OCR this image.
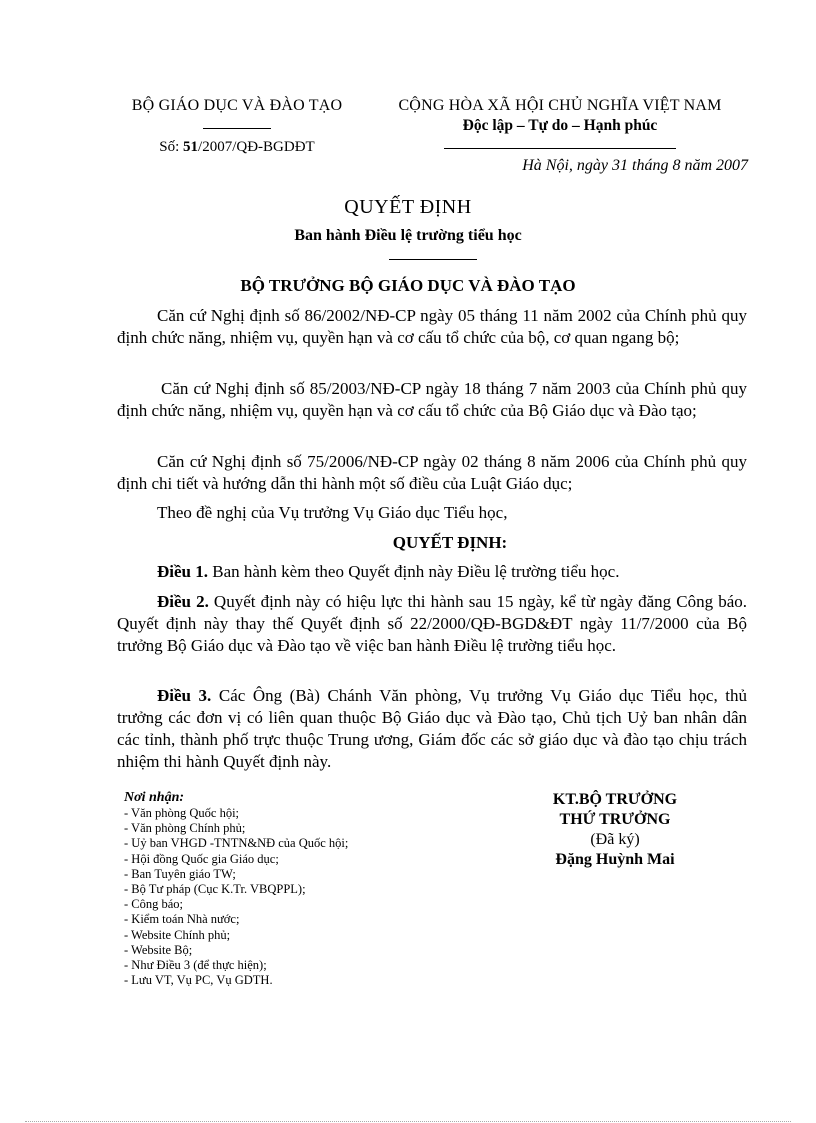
BỘ GIÁO DỤC VÀ ĐÀO TẠO
Số: 51/2007/QĐ-BGDĐT
CỘNG HÒA XÃ HỘI CHỦ NGHĨA VIỆT NAM
Độc lập – Tự do – Hạnh phúc
Hà Nội, ngày 31 tháng 8 năm 2007
QUYẾT ĐỊNH
Ban hành Điều lệ trường tiểu học
BỘ TRƯỞNG BỘ GIÁO DỤC VÀ ĐÀO TẠO
Căn cứ Nghị định số 86/2002/NĐ-CP ngày 05 tháng 11 năm 2002 của Chính phủ quy định chức năng, nhiệm vụ, quyền hạn và cơ cấu tổ chức của bộ, cơ quan ngang bộ;
Căn cứ Nghị định số 85/2003/NĐ-CP ngày 18 tháng 7 năm 2003 của Chính phủ quy định chức năng, nhiệm vụ, quyền hạn và cơ cấu tổ chức của Bộ Giáo dục và Đào tạo;
Căn cứ Nghị định số 75/2006/NĐ-CP ngày 02 tháng 8 năm 2006 của Chính phủ quy định chi tiết và hướng dẫn thi hành một số điều của Luật Giáo dục;
Theo đề nghị của Vụ trưởng Vụ Giáo dục Tiểu học,
QUYẾT ĐỊNH:
Điều 1. Ban hành kèm theo Quyết định này Điều lệ trường tiểu học.
Điều 2. Quyết định này có hiệu lực thi hành sau 15 ngày, kể từ ngày đăng Công báo. Quyết định này thay thế Quyết định số 22/2000/QĐ-BGD&ĐT ngày 11/7/2000 của Bộ trưởng Bộ Giáo dục và Đào tạo về việc ban hành Điều lệ trường tiểu học.
Điều 3. Các Ông (Bà) Chánh Văn phòng, Vụ trưởng Vụ Giáo dục Tiểu học, thủ trưởng các đơn vị có liên quan thuộc Bộ Giáo dục và Đào tạo, Chủ tịch Uỷ ban nhân dân các tỉnh, thành phố trực thuộc Trung ương, Giám đốc các sở giáo dục và đào tạo chịu trách nhiệm thi hành Quyết định này.
Nơi nhận:
- Văn phòng Quốc hội;
- Văn phòng Chính phủ;
- Uỷ ban VHGD -TNTN&NĐ của Quốc hội;
- Hội đồng Quốc gia Giáo dục;
- Ban Tuyên giáo TW;
- Bộ Tư pháp (Cục K.Tr. VBQPPL);
- Công báo;
- Kiểm toán Nhà nước;
- Website Chính phủ;
- Website Bộ;
- Như Điều 3 (để thực hiện);
- Lưu VT, Vụ PC, Vụ GDTH.
KT.BỘ TRƯỞNG
THỨ TRƯỞNG
(Đã ký)
Đặng Huỳnh Mai
